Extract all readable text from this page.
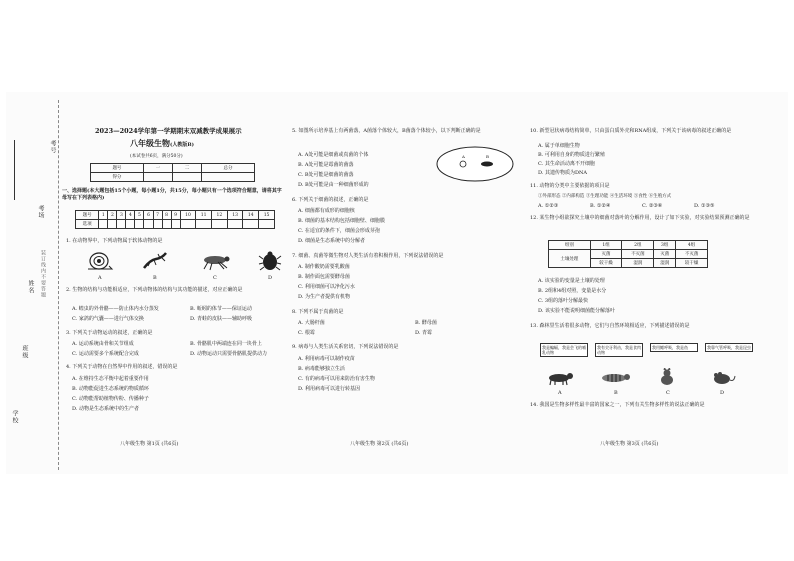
学校
班级
姓名
考场
考号
装订线内不要答题
2023—2024学年第一学期期末双减教学成果展示
八年级生物(人教版B)
(本试卷共6页，满分50分)
题号	一	二	总分
得分			
一、选择题(本大题包括15个小题，每小题1分，共15分，每小题只有一个选项符合题意，请将其字母写在下列表格内)
题号	1	2	3	4	5	6	7	8	9	10	11	12	13	14	15
选项															
1. 在动物界中，下列动物属于软体动物的是
A	B	C	D
2. 生物的结构与功能相适应，下列动物体的结构与其功能的描述，对应正确的是
A. 蝗虫的外骨骼——防止体内水分蒸发	B. 蚯蚓的体节——保证运动
C. 家鸽的气囊——进行气体交换	D. 青蛙的皮肤——辅助呼吸
3. 下列关于动物运动的叙述，正确的是
A. 运动系统由骨和关节组成	B. 骨骼肌中两端连在同一块骨上
C. 运动需要多个系统配合完成	D. 动物运动只需要骨骼肌提供动力
4. 下列关于动物在自然界中作用的叙述，错误的是
A. 在维持生态平衡中起着重要作用
B. 动物能促进生态系统的物质循环
C. 动物能帮助植物传粉、传播种子
D. 动物是生态系统中的生产者
八年级生物 第1页 (共6页)
5. 如图所示培养基上有两菌落，A菌落个体较大，B菌落个体较小，以下判断正确的是
A	B
A. A处可能是细菌或真菌的个体
B. A处可能是霉菌的菌落
C. B处可能是细菌的菌落
D. B处可能是由一种细菌形成的
6. 下列关于细菌的叙述，正确的是
A. 细菌都有成形的细胞核
B. 细菌的基本结构包括细胞壁、细胞膜
C. 在适宜的条件下，细菌会形成芽孢
D. 细菌是生态系统中的分解者
7. 细菌、真菌等微生物对人类生活有着积极作用，下列说法错误的是
A. 制作酸奶需要乳酸菌
B. 制作面包需要酵母菌
C. 利用细菌可以净化污水
D. 为生产者提供有机物
8. 下列不属于真菌的是
A. 大肠杆菌	B. 酵母菌
C. 根霉	D. 青霉
9. 病毒与人类生活关系密切，下列说法错误的是
A. 利用病毒可以制作疫苗
B. 病毒能够独立生活
C. 有的病毒可以用来防治有害生物
D. 利用病毒可以进行转基因
八年级生物 第2页 (共6页)
10. 新型冠状病毒结构简单，只由蛋白质外壳和RNA组成，下列关于该病毒的叙述正确的是
A. 属于单细胞生物
B. 可利用自身的物质进行繁殖
C. 其生命活动离不开细胞
D. 其遗传物质为DNA
11. 动物的分类中主要依据的项目是
①外部形态 ②内部构造 ③生理功能 ④生活环境 ⑤食性 ⑥生殖方式
A. ①②③	B. ①②④	C. ②③⑥	D. ①③⑤
12. 某生物小组欲探究土壤中的细菌对落叶的分解作用，设计了如下实验，对实验结果预测正确的是
组别	1组	2组	3组	4组
土壤处理	灭菌	不灭菌	灭菌	不灭菌
	较干燥	湿润	湿润	较干燥
A. 该实验的变量是土壤的处理
B. 2组和4组对照，变量是水分
C. 3组的落叶分解最快
D. 该实验不能说明细菌能分解落叶
13. 森林里生活着很多动物，它们与自然环境相适应，下列描述错误的是
我是蝙蝠，我是会飞的哺乳动物
我有尖牙利齿，我是食肉动物
我用鳃呼吸，我是鱼	我靠气管呼吸，我是昆虫
A	B	C	D
14. 我国是生物多样性最丰富的国家之一，下列有关生物多样性的说法正确的是
八年级生物 第3页 (共6页)
